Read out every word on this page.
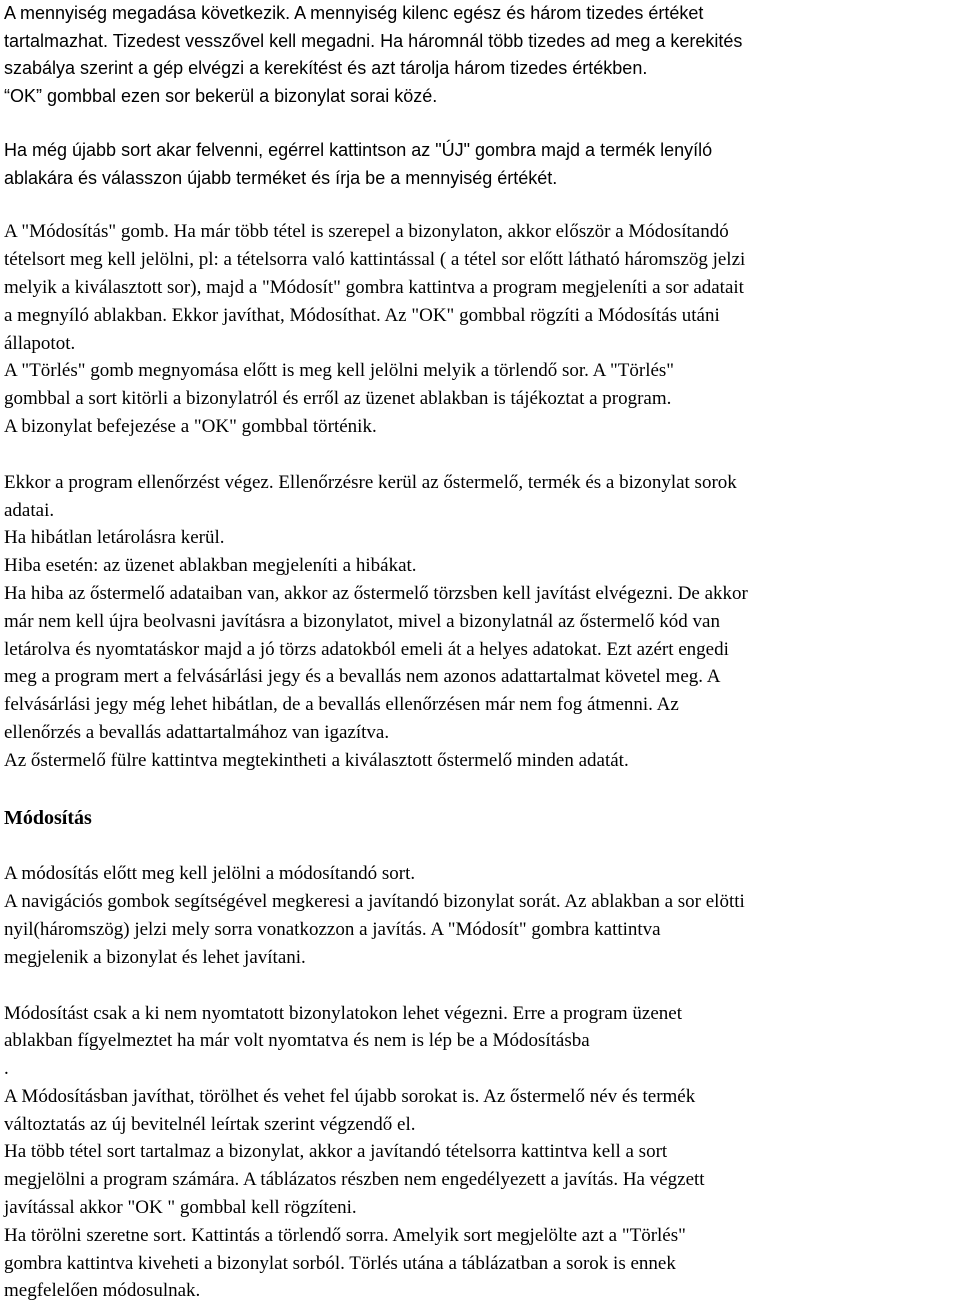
A mennyiség megadása következik. A mennyiség kilenc egész és három tizedes értéket
tartalmazhat. Tizedest vesszővel kell megadni. Ha háromnál több tizedes ad meg a kerekités
szabálya szerint a gép elvégzi a kerekítést és azt tárolja három tizedes értékben.
“OK” gombbal ezen sor bekerül a bizonylat sorai közé.
Ha még újabb sort akar felvenni, egérrel kattintson az "ÚJ" gombra majd a termék lenyíló
ablakára és válasszon újabb terméket és írja be a mennyiség értékét.
A "Módosítás" gomb. Ha már több tétel is szerepel a bizonylaton, akkor először a Módosítandó
tételsort meg kell jelölni, pl: a tételsorra való kattintással ( a tétel sor előtt látható háromszög jelzi
melyik a kiválasztott sor), majd a "Módosít" gombra kattintva a program megjeleníti a sor adatait
a megnyíló ablakban. Ekkor javíthat, Módosíthat. Az "OK" gombbal rögzíti a Módosítás utáni
állapotot.
A "Törlés" gomb megnyomása előtt is meg kell jelölni melyik a törlendő sor. A "Törlés"
gombbal a sort kitörli a bizonylatról és erről az üzenet ablakban is tájékoztat a program.
A bizonylat befejezése a "OK" gombbal történik.
Ekkor a program ellenőrzést végez. Ellenőrzésre kerül az őstermelő, termék és a bizonylat sorok
adatai.
Ha hibátlan letárolásra kerül.
Hiba esetén: az üzenet ablakban megjeleníti a hibákat.
Ha hiba az őstermelő adataiban van, akkor az őstermelő törzsben kell javítást elvégezni. De akkor
már nem kell újra beolvasni javításra a bizonylatot, mivel a bizonylatnál az őstermelő kód van
letárolva és nyomtatáskor majd a jó törzs adatokból emeli át a helyes adatokat. Ezt azért engedi
meg a program mert a felvásárlási jegy és a bevallás nem azonos adattartalmat követel meg. A
felvásárlási jegy még lehet hibátlan, de a bevallás ellenőrzésen már nem fog átmenni. Az
ellenőrzés a bevallás adattartalmához van igazítva.
Az őstermelő fülre kattintva megtekintheti a kiválasztott őstermelő minden adatát.
Módosítás
A módosítás előtt meg kell jelölni a módosítandó sort.
A navigációs gombok segítségével megkeresi a javítandó bizonylat sorát. Az ablakban a sor elötti
nyil(háromszög) jelzi mely sorra vonatkozzon a javítás. A "Módosít" gombra kattintva
megjelenik a bizonylat és lehet javítani.
Módosítást csak a ki nem nyomtatott bizonylatokon lehet végezni. Erre a program üzenet
ablakban fígyelmeztet ha már volt nyomtatva és nem is lép be a Módosításba
.
A Módosításban javíthat, törölhet és vehet fel újabb sorokat is. Az őstermelő név és termék
változtatás az új bevitelnél leírtak szerint végzendő el.
Ha több tétel sort tartalmaz a bizonylat, akkor a javítandó tételsorra kattintva kell a sort
megjelölni a program számára. A táblázatos részben nem engedélyezett a javítás. Ha végzett
javítással akkor "OK " gombbal kell rögzíteni.
Ha törölni szeretne sort. Kattintás a törlendő sorra. Amelyik sort megjelölte azt a "Törlés"
gombra kattintva kiveheti a bizonylat sorból. Törlés utána a táblázatban a sorok is ennek
megfelelően módosulnak.
